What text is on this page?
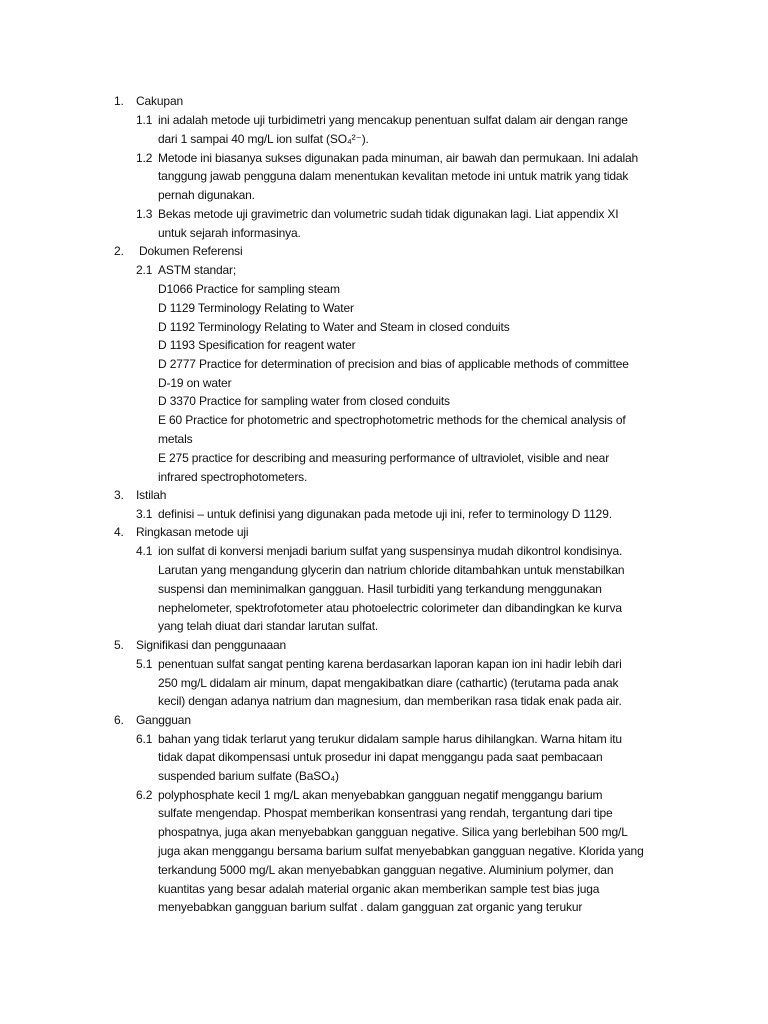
1. Cakupan
1.1 ini adalah metode uji turbidimetri yang mencakup penentuan sulfat dalam air dengan range
dari 1 sampai 40 mg/L ion sulfat (SO₄²⁻).
1.2 Metode ini biasanya sukses digunakan pada minuman, air bawah dan permukaan. Ini adalah
tanggung jawab pengguna dalam menentukan kevalitan metode ini untuk matrik yang tidak
pernah digunakan.
1.3 Bekas metode uji gravimetric dan volumetric sudah tidak digunakan lagi. Liat appendix XI
untuk sejarah informasinya.
2. Dokumen Referensi
2.1 ASTM standar;
D1066 Practice for sampling steam
D 1129 Terminology Relating to Water
D 1192 Terminology Relating to Water and Steam in closed conduits
D 1193 Spesification for reagent water
D 2777 Practice for determination of precision and bias of applicable methods of committee
D-19 on water
D 3370 Practice for sampling water from closed conduits
E 60 Practice for photometric and spectrophotometric methods for the chemical analysis of
metals
E 275 practice for describing and measuring performance of ultraviolet, visible and near
infrared spectrophotometers.
3. Istilah
3.1 definisi – untuk definisi yang digunakan pada metode uji ini, refer to terminology D 1129.
4. Ringkasan metode uji
4.1 ion sulfat di konversi menjadi barium sulfat yang suspensinya mudah dikontrol kondisinya.
Larutan yang mengandung glycerin dan natrium chloride ditambahkan untuk menstabilkan
suspensi dan meminimalkan gangguan. Hasil turbiditi yang terkandung menggunakan
nephelometer, spektrofotometer atau photoelectric colorimeter dan dibandingkan ke kurva
yang telah diuat dari standar larutan sulfat.
5. Signifikasi dan penggunaaan
5.1 penentuan sulfat sangat penting karena berdasarkan laporan kapan ion ini hadir lebih dari
250 mg/L didalam air minum, dapat mengakibatkan diare (cathartic) (terutama pada anak
kecil) dengan adanya natrium dan magnesium, dan memberikan rasa tidak enak pada air.
6. Gangguan
6.1 bahan yang tidak terlarut yang terukur didalam sample harus dihilangkan. Warna hitam itu
tidak dapat dikompensasi untuk prosedur ini dapat menggangu pada saat pembacaan
suspended barium sulfate (BaSO₄)
6.2 polyphosphate kecil 1 mg/L akan menyebabkan gangguan negatif menggangu barium
sulfate mengendap. Phospat memberikan konsentrasi yang rendah, tergantung dari tipe
phospatnya, juga akan menyebabkan gangguan negative. Silica yang berlebihan 500 mg/L
juga akan menggangu bersama barium sulfat menyebabkan gangguan negative. Klorida yang
terkandung 5000 mg/L akan menyebabkan gangguan negative. Aluminium polymer, dan
kuantitas yang besar adalah material organic akan memberikan sample test bias juga
menyebabkan gangguan barium sulfat . dalam gangguan zat organic yang terukur
